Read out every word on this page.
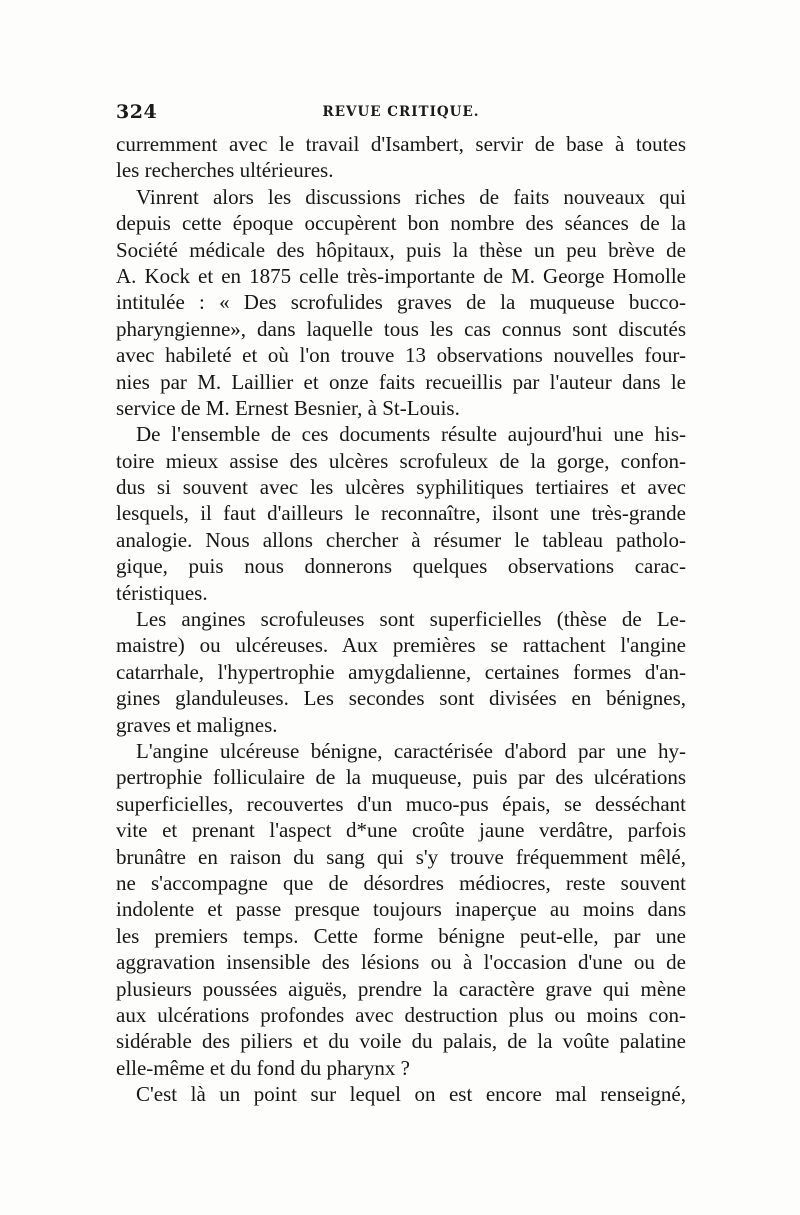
324	REVUE CRITIQUE.
curremment avec le travail d'Isambert, servir de base à toutes
les recherches ultérieures.
Vinrent alors les discussions riches de faits nouveaux qui
depuis cette époque occupèrent bon nombre des séances de la
Société médicale des hôpitaux, puis la thèse un peu brève de
A. Kock et en 1875 celle très-importante de M. George Homolle
intitulée : « Des scrofulides graves de la muqueuse bucco-
pharyngienne», dans laquelle tous les cas connus sont discutés
avec habileté et où l'on trouve 13 observations nouvelles four-
nies par M. Laillier et onze faits recueillis par l'auteur dans le
service de M. Ernest Besnier, à St-Louis.
De l'ensemble de ces documents résulte aujourd'hui une his-
toire mieux assise des ulcères scrofuleux de la gorge, confon-
dus si souvent avec les ulcères syphilitiques tertiaires et avec
lesquels, il faut d'ailleurs le reconnaître, ilsont une très-grande
analogie. Nous allons chercher à résumer le tableau patholo-
gique, puis nous donnerons quelques observations carac-
téristiques.
Les angines scrofuleuses sont superficielles (thèse de Le-
maistre) ou ulcéreuses. Aux premières se rattachent l'angine
catarrhale, l'hypertrophie amygdalienne, certaines formes d'an-
gines glanduleuses. Les secondes sont divisées en bénignes,
graves et malignes.
L'angine ulcéreuse bénigne, caractérisée d'abord par une hy-
pertrophie folliculaire de la muqueuse, puis par des ulcérations
superficielles, recouvertes d'un muco-pus épais, se desséchant
vite et prenant l'aspect d*une croûte jaune verdâtre, parfois
brunâtre en raison du sang qui s'y trouve fréquemment mêlé,
ne s'accompagne que de désordres médiocres, reste souvent
indolente et passe presque toujours inaperçue au moins dans
les premiers temps. Cette forme bénigne peut-elle, par une
aggravation insensible des lésions ou à l'occasion d'une ou de
plusieurs poussées aiguës, prendre la caractère grave qui mène
aux ulcérations profondes avec destruction plus ou moins con-
sidérable des piliers et du voile du palais, de la voûte palatine
elle-même et du fond du pharynx ?
C'est là un point sur lequel on est encore mal renseigné,
